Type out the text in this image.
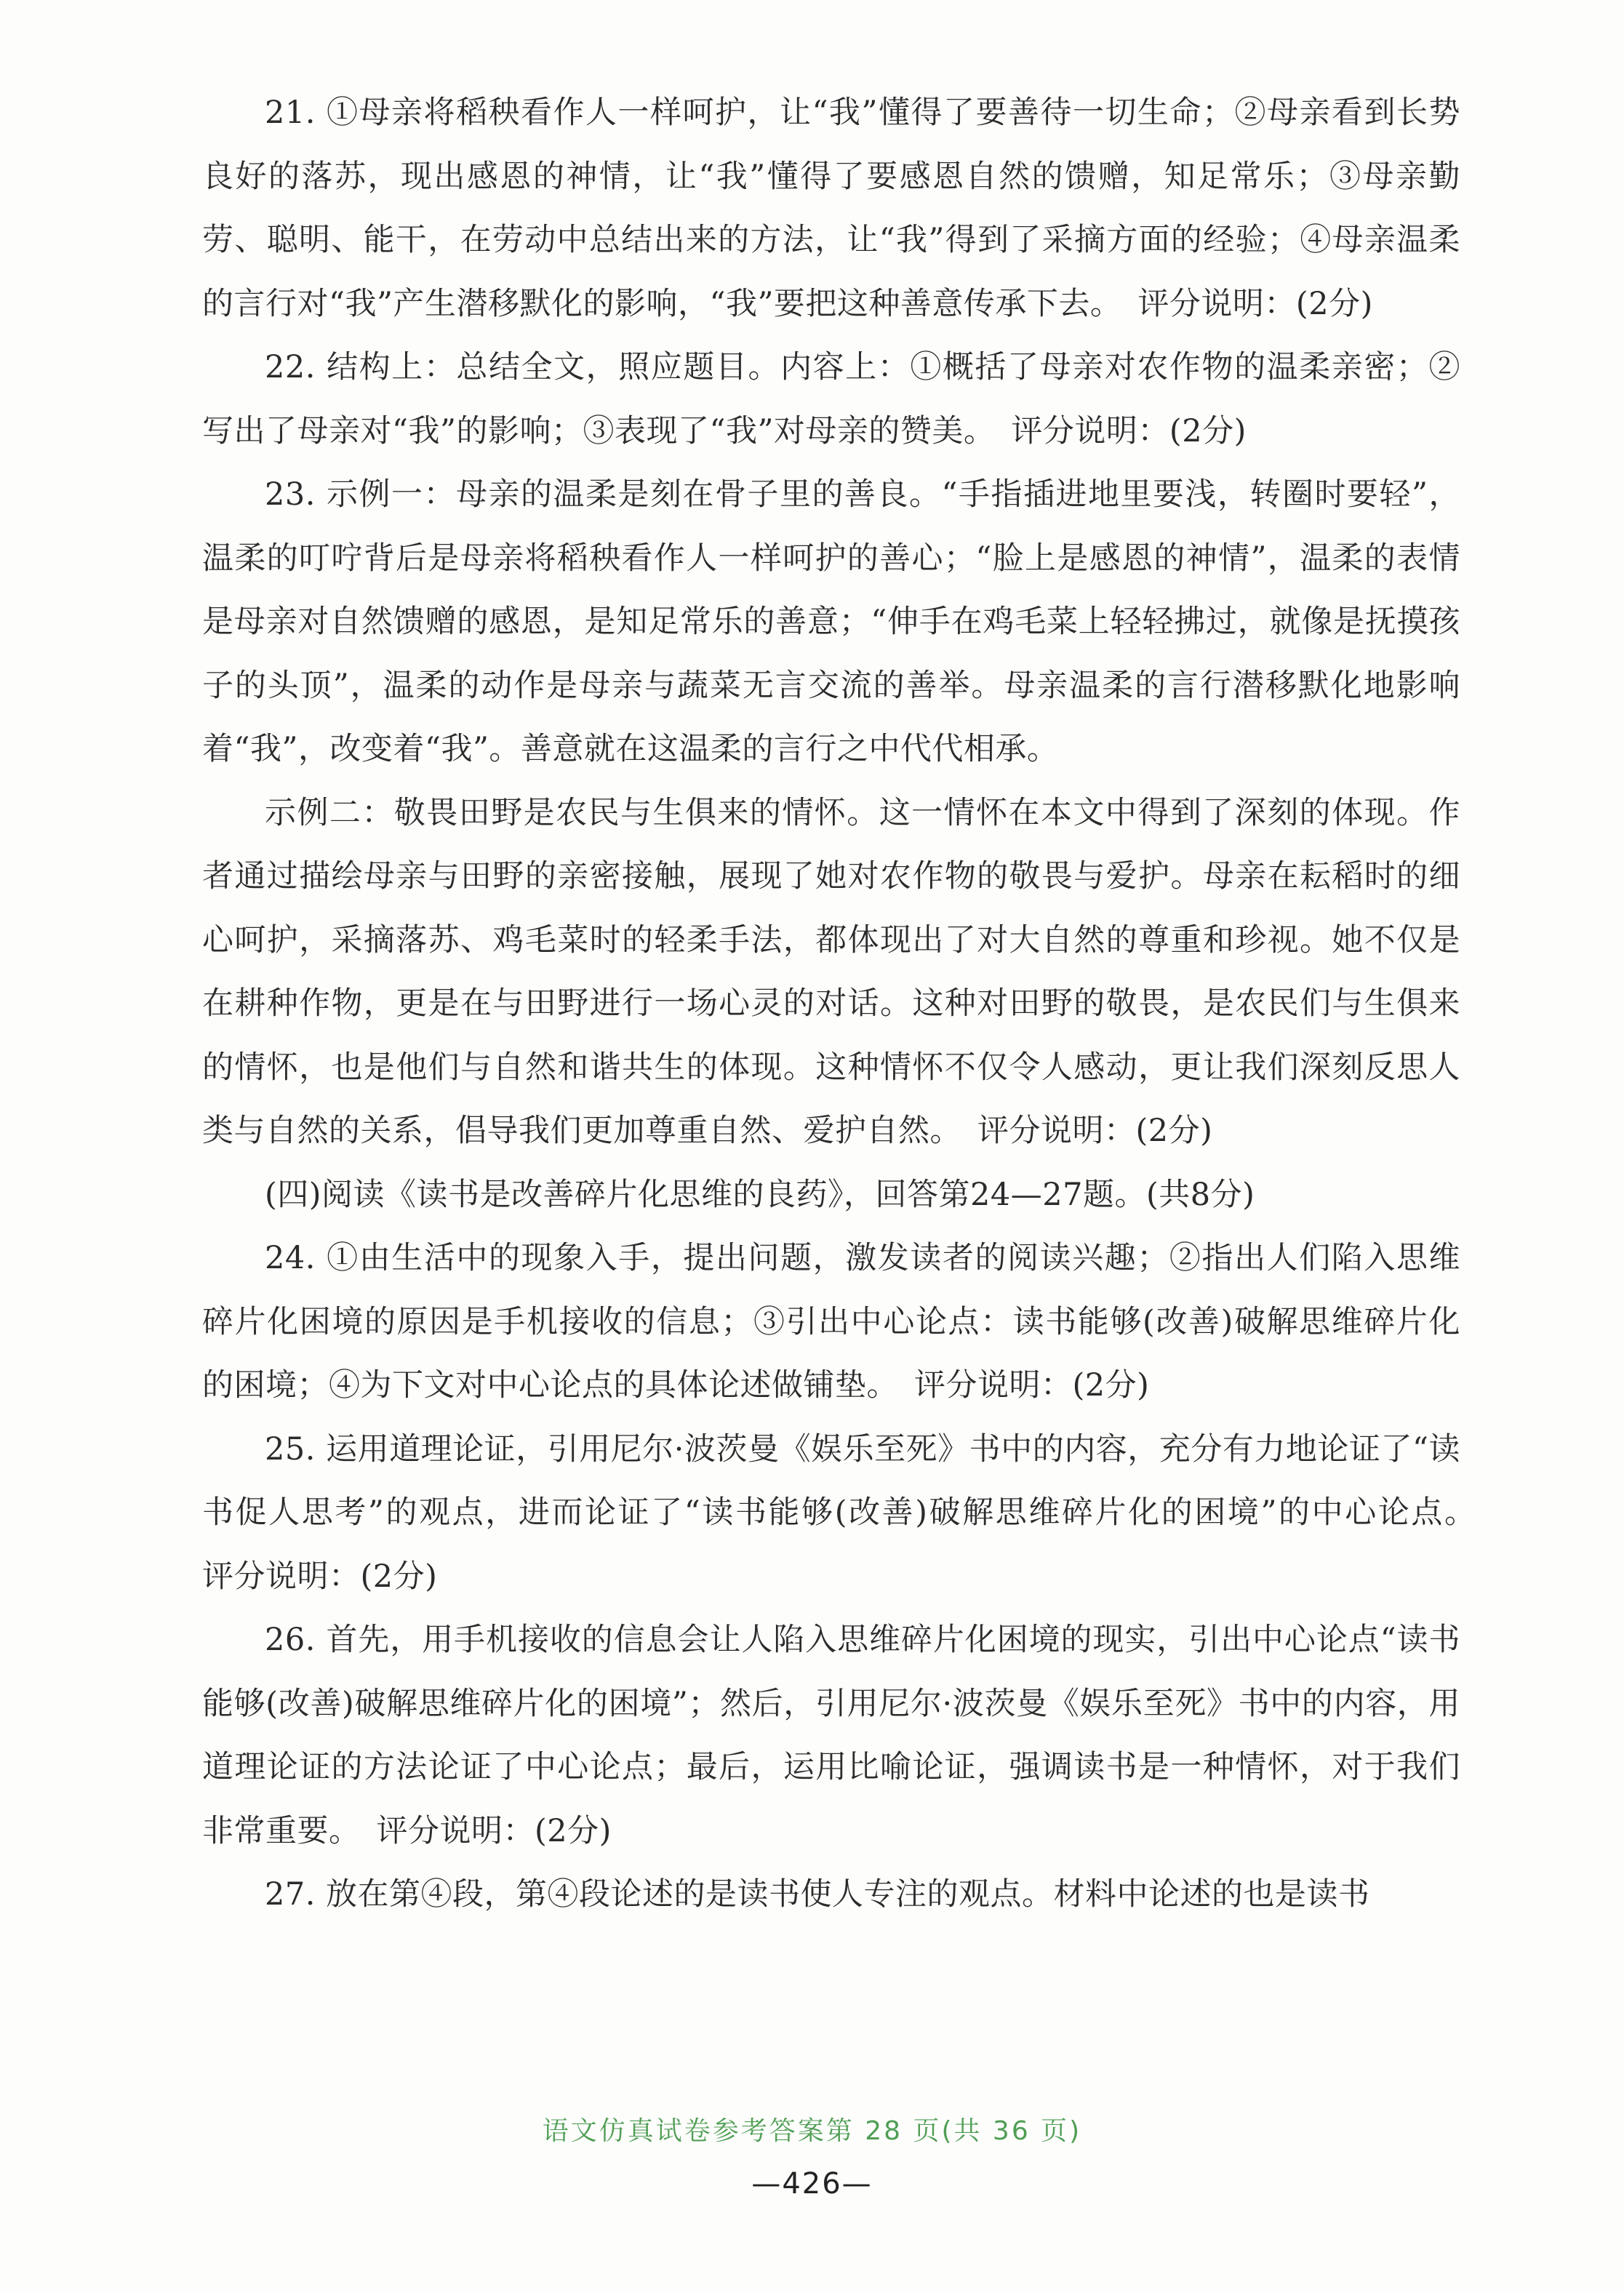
21. ①母亲将稻秧看作人一样呵护，让“我”懂得了要善待一切生命；②母亲看到长势良好的落苏，现出感恩的神情，让“我”懂得了要感恩自然的馈赠，知足常乐；③母亲勤劳、聪明、能干，在劳动中总结出来的方法，让“我”得到了采摘方面的经验；④母亲温柔的言行对“我”产生潜移默化的影响，“我”要把这种善意传承下去。　评分说明：(2分)

22. 结构上：总结全文，照应题目。内容上：①概括了母亲对农作物的温柔亲密；②写出了母亲对“我”的影响；③表现了“我”对母亲的赞美。　评分说明：(2分)

23. 示例一：母亲的温柔是刻在骨子里的善良。“手指插进地里要浅，转圈时要轻”，温柔的叮咛背后是母亲将稻秧看作人一样呵护的善心；“脸上是感恩的神情”，温柔的表情是母亲对自然馈赠的感恩，是知足常乐的善意；“伸手在鸡毛菜上轻轻拂过，就像是抚摸孩子的头顶”，温柔的动作是母亲与蔬菜无言交流的善举。母亲温柔的言行潜移默化地影响着“我”，改变着“我”。善意就在这温柔的言行之中代代相承。

示例二：敬畏田野是农民与生俱来的情怀。这一情怀在本文中得到了深刻的体现。作者通过描绘母亲与田野的亲密接触，展现了她对农作物的敬畏与爱护。母亲在耘稻时的细心呵护，采摘落苏、鸡毛菜时的轻柔手法，都体现出了对大自然的尊重和珍视。她不仅是在耕种作物，更是在与田野进行一场心灵的对话。这种对田野的敬畏，是农民们与生俱来的情怀，也是他们与自然和谐共生的体现。这种情怀不仅令人感动，更让我们深刻反思人类与自然的关系，倡导我们更加尊重自然、爱护自然。　评分说明：(2分)

(四)阅读《读书是改善碎片化思维的良药》，回答第24—27题。(共8分)

24. ①由生活中的现象入手，提出问题，激发读者的阅读兴趣；②指出人们陷入思维碎片化困境的原因是手机接收的信息；③引出中心论点：读书能够(改善)破解思维碎片化的困境；④为下文对中心论点的具体论述做铺垫。　评分说明：(2分)

25. 运用道理论证，引用尼尔·波茨曼《娱乐至死》书中的内容，充分有力地论证了“读书促人思考”的观点，进而论证了“读书能够(改善)破解思维碎片化的困境”的中心论点。　评分说明：(2分)

26. 首先，用手机接收的信息会让人陷入思维碎片化困境的现实，引出中心论点“读书能够(改善)破解思维碎片化的困境”；然后，引用尼尔·波茨曼《娱乐至死》书中的内容，用道理论证的方法论证了中心论点；最后，运用比喻论证，强调读书是一种情怀，对于我们非常重要。　评分说明：(2分)

27. 放在第④段，第④段论述的是读书使人专注的观点。材料中论述的也是读书

语文仿真试卷参考答案第 28 页(共 36 页)
—426—
